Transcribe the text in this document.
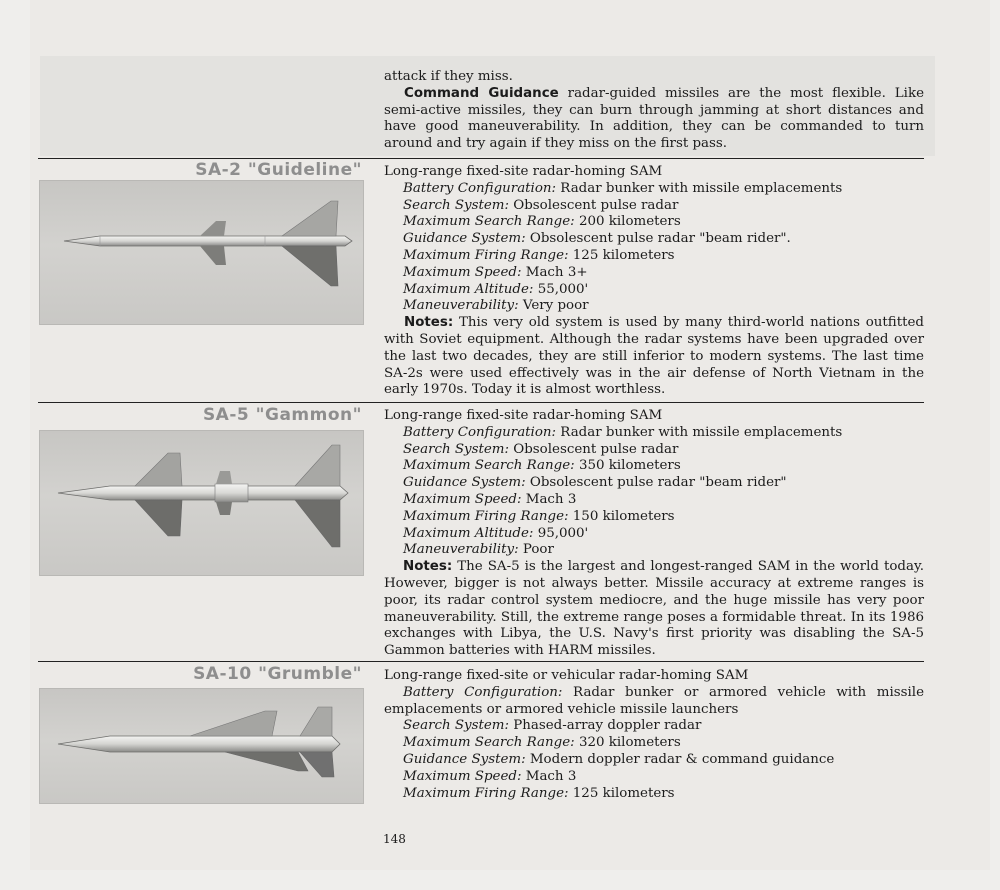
attack if they miss.

Command Guidance radar-guided missiles are the most flexible. Like semi-active missiles, they can burn through jamming at short distances and have good maneuverability. In addition, they can be commanded to turn around and try again if they miss on the first pass.

SA-2 "Guideline" Long-range fixed-site radar-homing SAM

Battery Configuration: Radar bunker with missile emplacements

Search System: Obsolescent pulse radar

Maximum Search Range: 200 kilometers

Guidance System: Obsolescent pulse radar "beam rider".

Maximum Firing Range: 125 kilometers

Maximum Speed: Mach 3+

Maximum Altitude: 55,000'

Maneuverability: Very poor

Notes: This very old system is used by many third-world nations outfitted with Soviet equipment. Although the radar systems have been upgraded over the last two decades, they are still inferior to modern systems. The last time SA-2s were used effectively was in the air defense of North Vietnam in the early 1970s. Today it is almost worthless.

SA-5 "Gammon" Long-range fixed-site radar-homing SAM

Battery Configuration: Radar bunker with missile emplacements

Search System: Obsolescent pulse radar

Maximum Search Range: 350 kilometers

Guidance System: Obsolescent pulse radar "beam rider"

Maximum Speed: Mach 3

Maximum Firing Range: 150 kilometers

Maximum Altitude: 95,000'

Maneuverability: Poor

Notes: The SA-5 is the largest and longest-ranged SAM in the world today. However, bigger is not always better. Missile accuracy at extreme ranges is poor, its radar control system mediocre, and the huge missile has very poor maneuverability. Still, the extreme range poses a formidable threat. In its 1986 exchanges with Libya, the U.S. Navy's first priority was disabling the SA-5 Gammon batteries with HARM missiles.

SA-10 "Grumble" Long-range fixed-site or vehicular radar-homing SAM

Battery Configuration: Radar bunker or armored vehicle with missile emplacements or armored vehicle missile launchers

Search System: Phased-array doppler radar

Maximum Search Range: 320 kilometers

Guidance System: Modern doppler radar & command guidance

Maximum Speed: Mach 3

Maximum Firing Range: 125 kilometers

148
